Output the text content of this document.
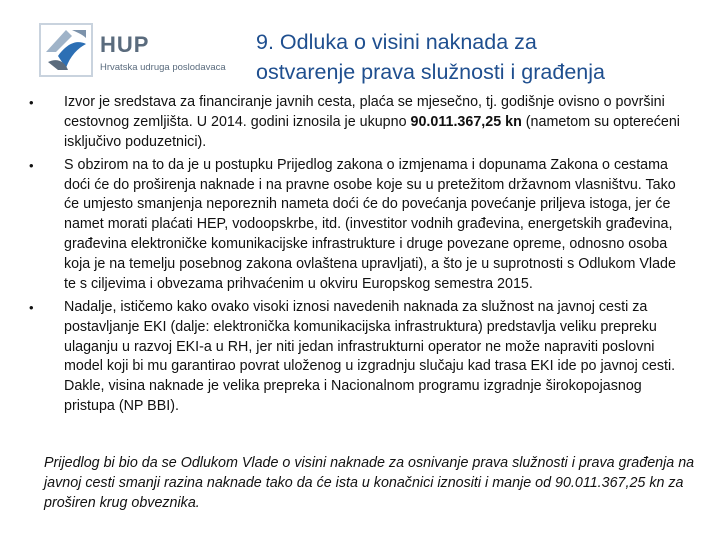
HUP
Hrvatska udruga poslodavaca
9. Odluka o visini naknada za
ostvarenje prava služnosti i građenja
• Izvor je sredstava za financiranje javnih cesta, plaća se mjesečno, tj. godišnje ovisno o površini cestovnog zemljišta. U 2014. godini iznosila je ukupno 90.011.367,25 kn (nametom su opterećeni isključivo poduzetnici).
• S obzirom na to da je u postupku Prijedlog zakona o izmjenama i dopunama Zakona o cestama doći će do proširenja naknade i na pravne osobe koje su u pretežitom državnom vlasništvu. Tako će umjesto smanjenja neporeznih nameta doći će do povećanja povećanje priljeva istoga, jer će namet morati plaćati HEP, vodoopskrbe, itd. (investitor vodnih građevina, energetskih građevina, građevina elektroničke komunikacijske infrastrukture i druge povezane opreme, odnosno osoba koja je na temelju posebnog zakona ovlaštena upravljati), a što je u suprotnosti s Odlukom Vlade te s ciljevima i obvezama prihvaćenim u okviru Europskog semestra 2015.
• Nadalje, ističemo kako ovako visoki iznosi navedenih naknada za služnost na javnoj cesti za postavljanje EKI (dalje: elektronička komunikacijska infrastruktura) predstavlja veliku prepreku ulaganju u razvoj EKI-a u RH, jer niti jedan infrastrukturni operator ne može napraviti poslovni model koji bi mu garantirao povrat uloženog u izgradnju slučaju kad trasa EKI ide po javnoj cesti. Dakle, visina naknade je velika prepreka i Nacionalnom programu izgradnje širokopojasnog pristupa (NP BBI).
Prijedlog bi bio da se Odlukom Vlade o visini naknade za osnivanje prava služnosti i prava građenja na javnoj cesti smanji razina naknade tako da će ista u konačnici iznositi i manje od 90.011.367,25 kn za proširen krug obveznika.
